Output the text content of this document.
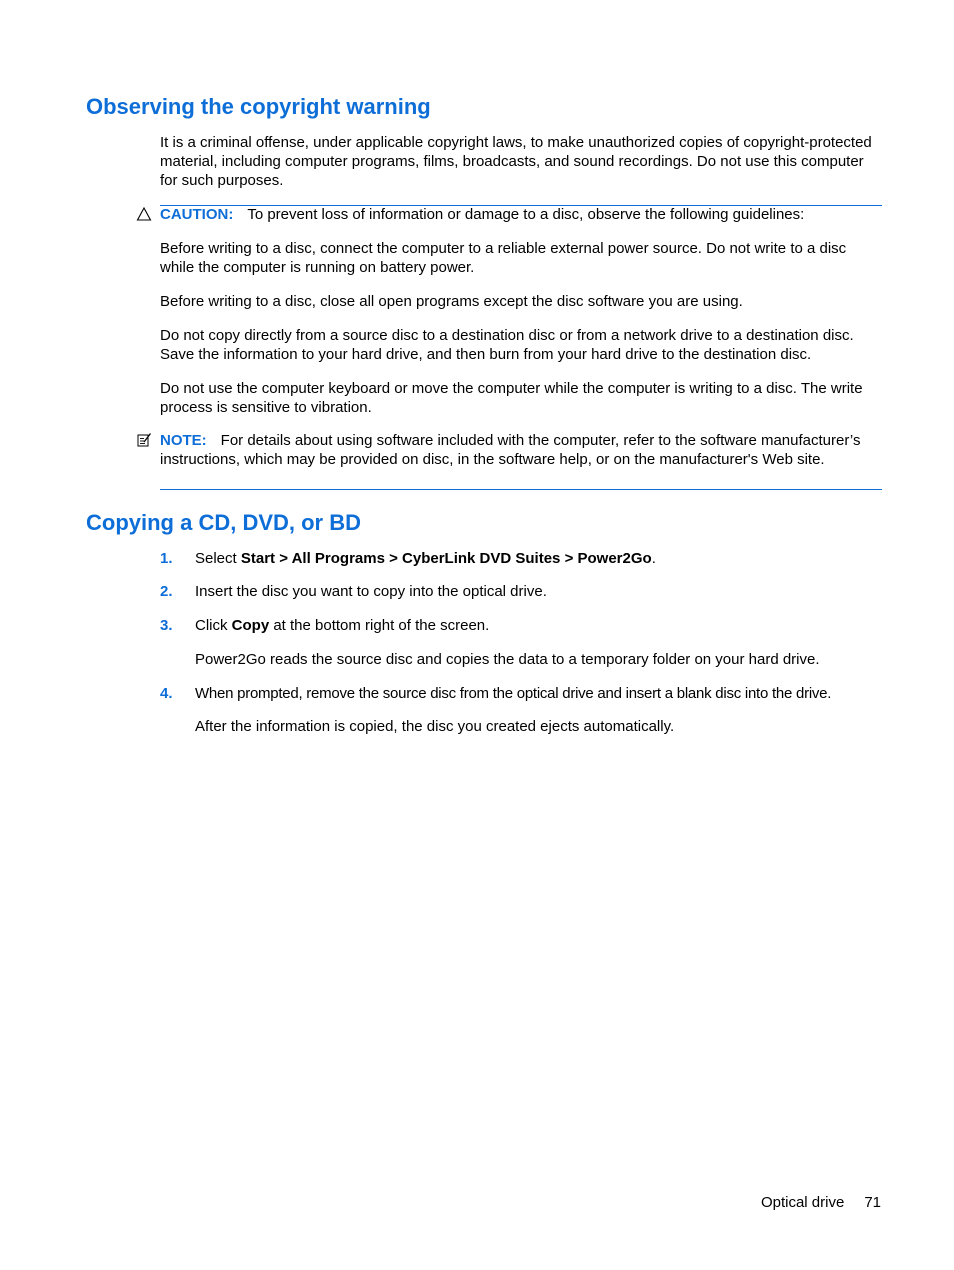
Observing the copyright warning

It is a criminal offense, under applicable copyright laws, to make unauthorized copies of copyright-protected material, including computer programs, films, broadcasts, and sound recordings. Do not use this computer for such purposes.

CAUTION: To prevent loss of information or damage to a disc, observe the following guidelines:

Before writing to a disc, connect the computer to a reliable external power source. Do not write to a disc while the computer is running on battery power.

Before writing to a disc, close all open programs except the disc software you are using.

Do not copy directly from a source disc to a destination disc or from a network drive to a destination disc. Save the information to your hard drive, and then burn from your hard drive to the destination disc.

Do not use the computer keyboard or move the computer while the computer is writing to a disc. The write process is sensitive to vibration.

NOTE: For details about using software included with the computer, refer to the software manufacturer’s instructions, which may be provided on disc, in the software help, or on the manufacturer's Web site.

Copying a CD, DVD, or BD
1. Select Start > All Programs > CyberLink DVD Suites > Power2Go.

2. Insert the disc you want to copy into the optical drive.

3. Click Copy at the bottom right of the screen.

Power2Go reads the source disc and copies the data to a temporary folder on your hard drive.

4. When prompted, remove the source disc from the optical drive and insert a blank disc into the drive.

After the information is copied, the disc you created ejects automatically.

Optical drive 71
